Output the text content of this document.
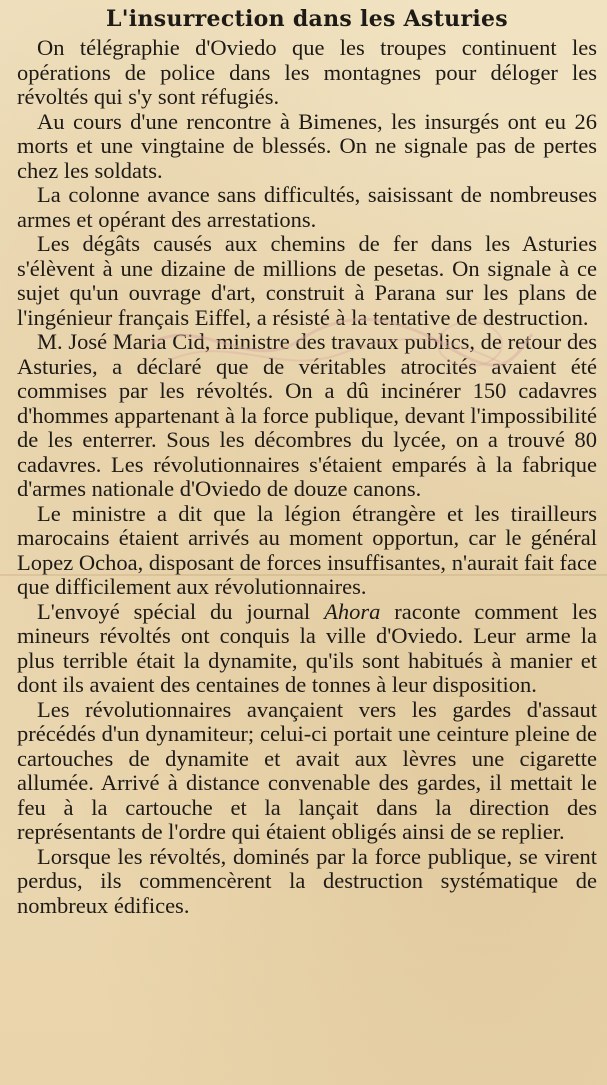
L'insurrection dans les Asturies

On télégraphie d'Oviedo que les troupes continuent les opérations de police dans les montagnes pour déloger les révoltés qui s'y sont réfugiés.

Au cours d'une rencontre à Bimenes, les insurgés ont eu 26 morts et une vingtaine de blessés. On ne signale pas de pertes chez les soldats.

La colonne avance sans difficultés, saisissant de nombreuses armes et opérant des arrestations.

Les dégâts causés aux chemins de fer dans les Asturies s'élèvent à une dizaine de millions de pesetas. On signale à ce sujet qu'un ouvrage d'art, construit à Parana sur les plans de l'ingénieur français Eiffel, a résisté à la tentative de destruction.

M. José Maria Cid, ministre des travaux publics, de retour des Asturies, a déclaré que de véritables atrocités avaient été commises par les révoltés. On a dû incinérer 150 cadavres d'hommes appartenant à la force publique, devant l'impossibilité de les enterrer. Sous les décombres du lycée, on a trouvé 80 cadavres. Les révolutionnaires s'étaient emparés à la fabrique d'armes nationale d'Oviedo de douze canons.

Le ministre a dit que la légion étrangère et les tirailleurs marocains étaient arrivés au moment opportun, car le général Lopez Ochoa, disposant de forces insuffisantes, n'aurait fait face que difficilement aux révolutionnaires.

L'envoyé spécial du journal Ahora raconte comment les mineurs révoltés ont conquis la ville d'Oviedo. Leur arme la plus terrible était la dynamite, qu'ils sont habitués à manier et dont ils avaient des centaines de tonnes à leur disposition.

Les révolutionnaires avançaient vers les gardes d'assaut précédés d'un dynamiteur; celui-ci portait une ceinture pleine de cartouches de dynamite et avait aux lèvres une cigarette allumée. Arrivé à distance convenable des gardes, il mettait le feu à la cartouche et la lançait dans la direction des représentants de l'ordre qui étaient obligés ainsi de se replier.

Lorsque les révoltés, dominés par la force publique, se virent perdus, ils commencèrent la destruction systématique de nombreux édifices.
